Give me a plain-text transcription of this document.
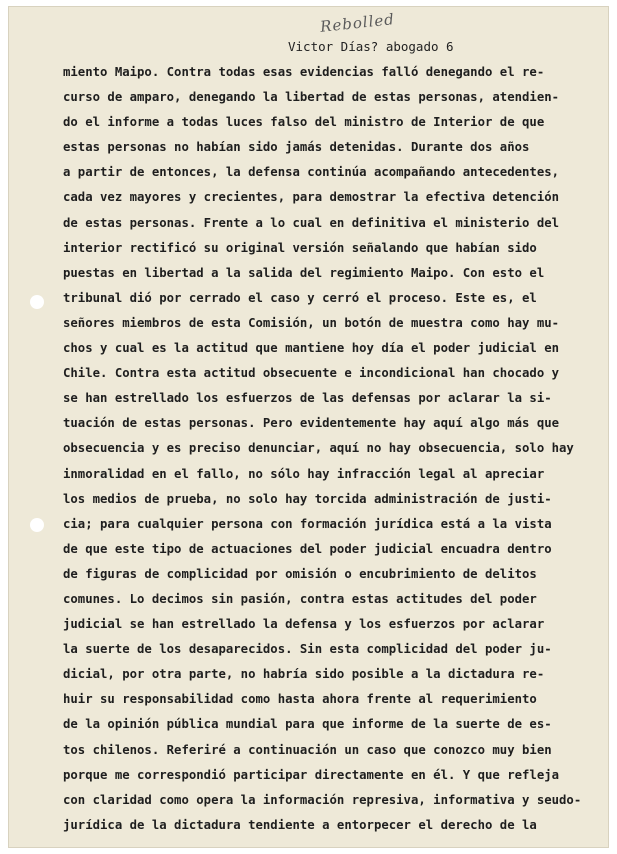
Rebolled
Victor Días? abogado 6
miento Maipo. Contra todas esas evidencias falló denegando el re-
curso de amparo, denegando la libertad de estas personas, atendien-
do el informe a todas luces falso del ministro de Interior de que
estas personas no habían sido jamás detenidas. Durante dos años
a partir de entonces, la defensa continúa acompañando antecedentes,
cada vez mayores y crecientes, para demostrar la efectiva detención
de estas personas. Frente a lo cual en definitiva el ministerio del
interior rectificó su original versión señalando que habían sido
puestas en libertad a la salida del regimiento Maipo. Con esto el
tribunal dió por cerrado el caso y cerró el proceso. Este es, el
señores miembros de esta Comisión, un botón de muestra como hay mu-
chos y cual es la actitud que mantiene hoy día el poder judicial en
Chile. Contra esta actitud obsecuente e incondicional han chocado y
se han estrellado los esfuerzos de las defensas por aclarar la si-
tuación de estas personas. Pero evidentemente hay aquí algo más que
obsecuencia y es preciso denunciar, aquí no hay obsecuencia, solo hay
inmoralidad en el fallo, no sólo hay infracción legal al apreciar
los medios de prueba, no solo hay torcida administración de justi-
cia; para cualquier persona con formación jurídica está a la vista
de que este tipo de actuaciones del poder judicial encuadra dentro
de figuras de complicidad por omisión o encubrimiento de delitos
comunes. Lo decimos sin pasión, contra estas actitudes del poder
judicial se han estrellado la defensa y los esfuerzos por aclarar
la suerte de los desaparecidos. Sin esta complicidad del poder ju-
dicial, por otra parte, no habría sido posible a la dictadura re-
huir su responsabilidad como hasta ahora frente al requerimiento
de la opinión pública mundial para que informe de la suerte de es-
tos chilenos. Referiré a continuación un caso que conozco muy bien
porque me correspondió participar directamente en él. Y que refleja
con claridad como opera la información represiva, informativa y seudo-
jurídica de la dictadura tendiente a entorpecer el derecho de la
